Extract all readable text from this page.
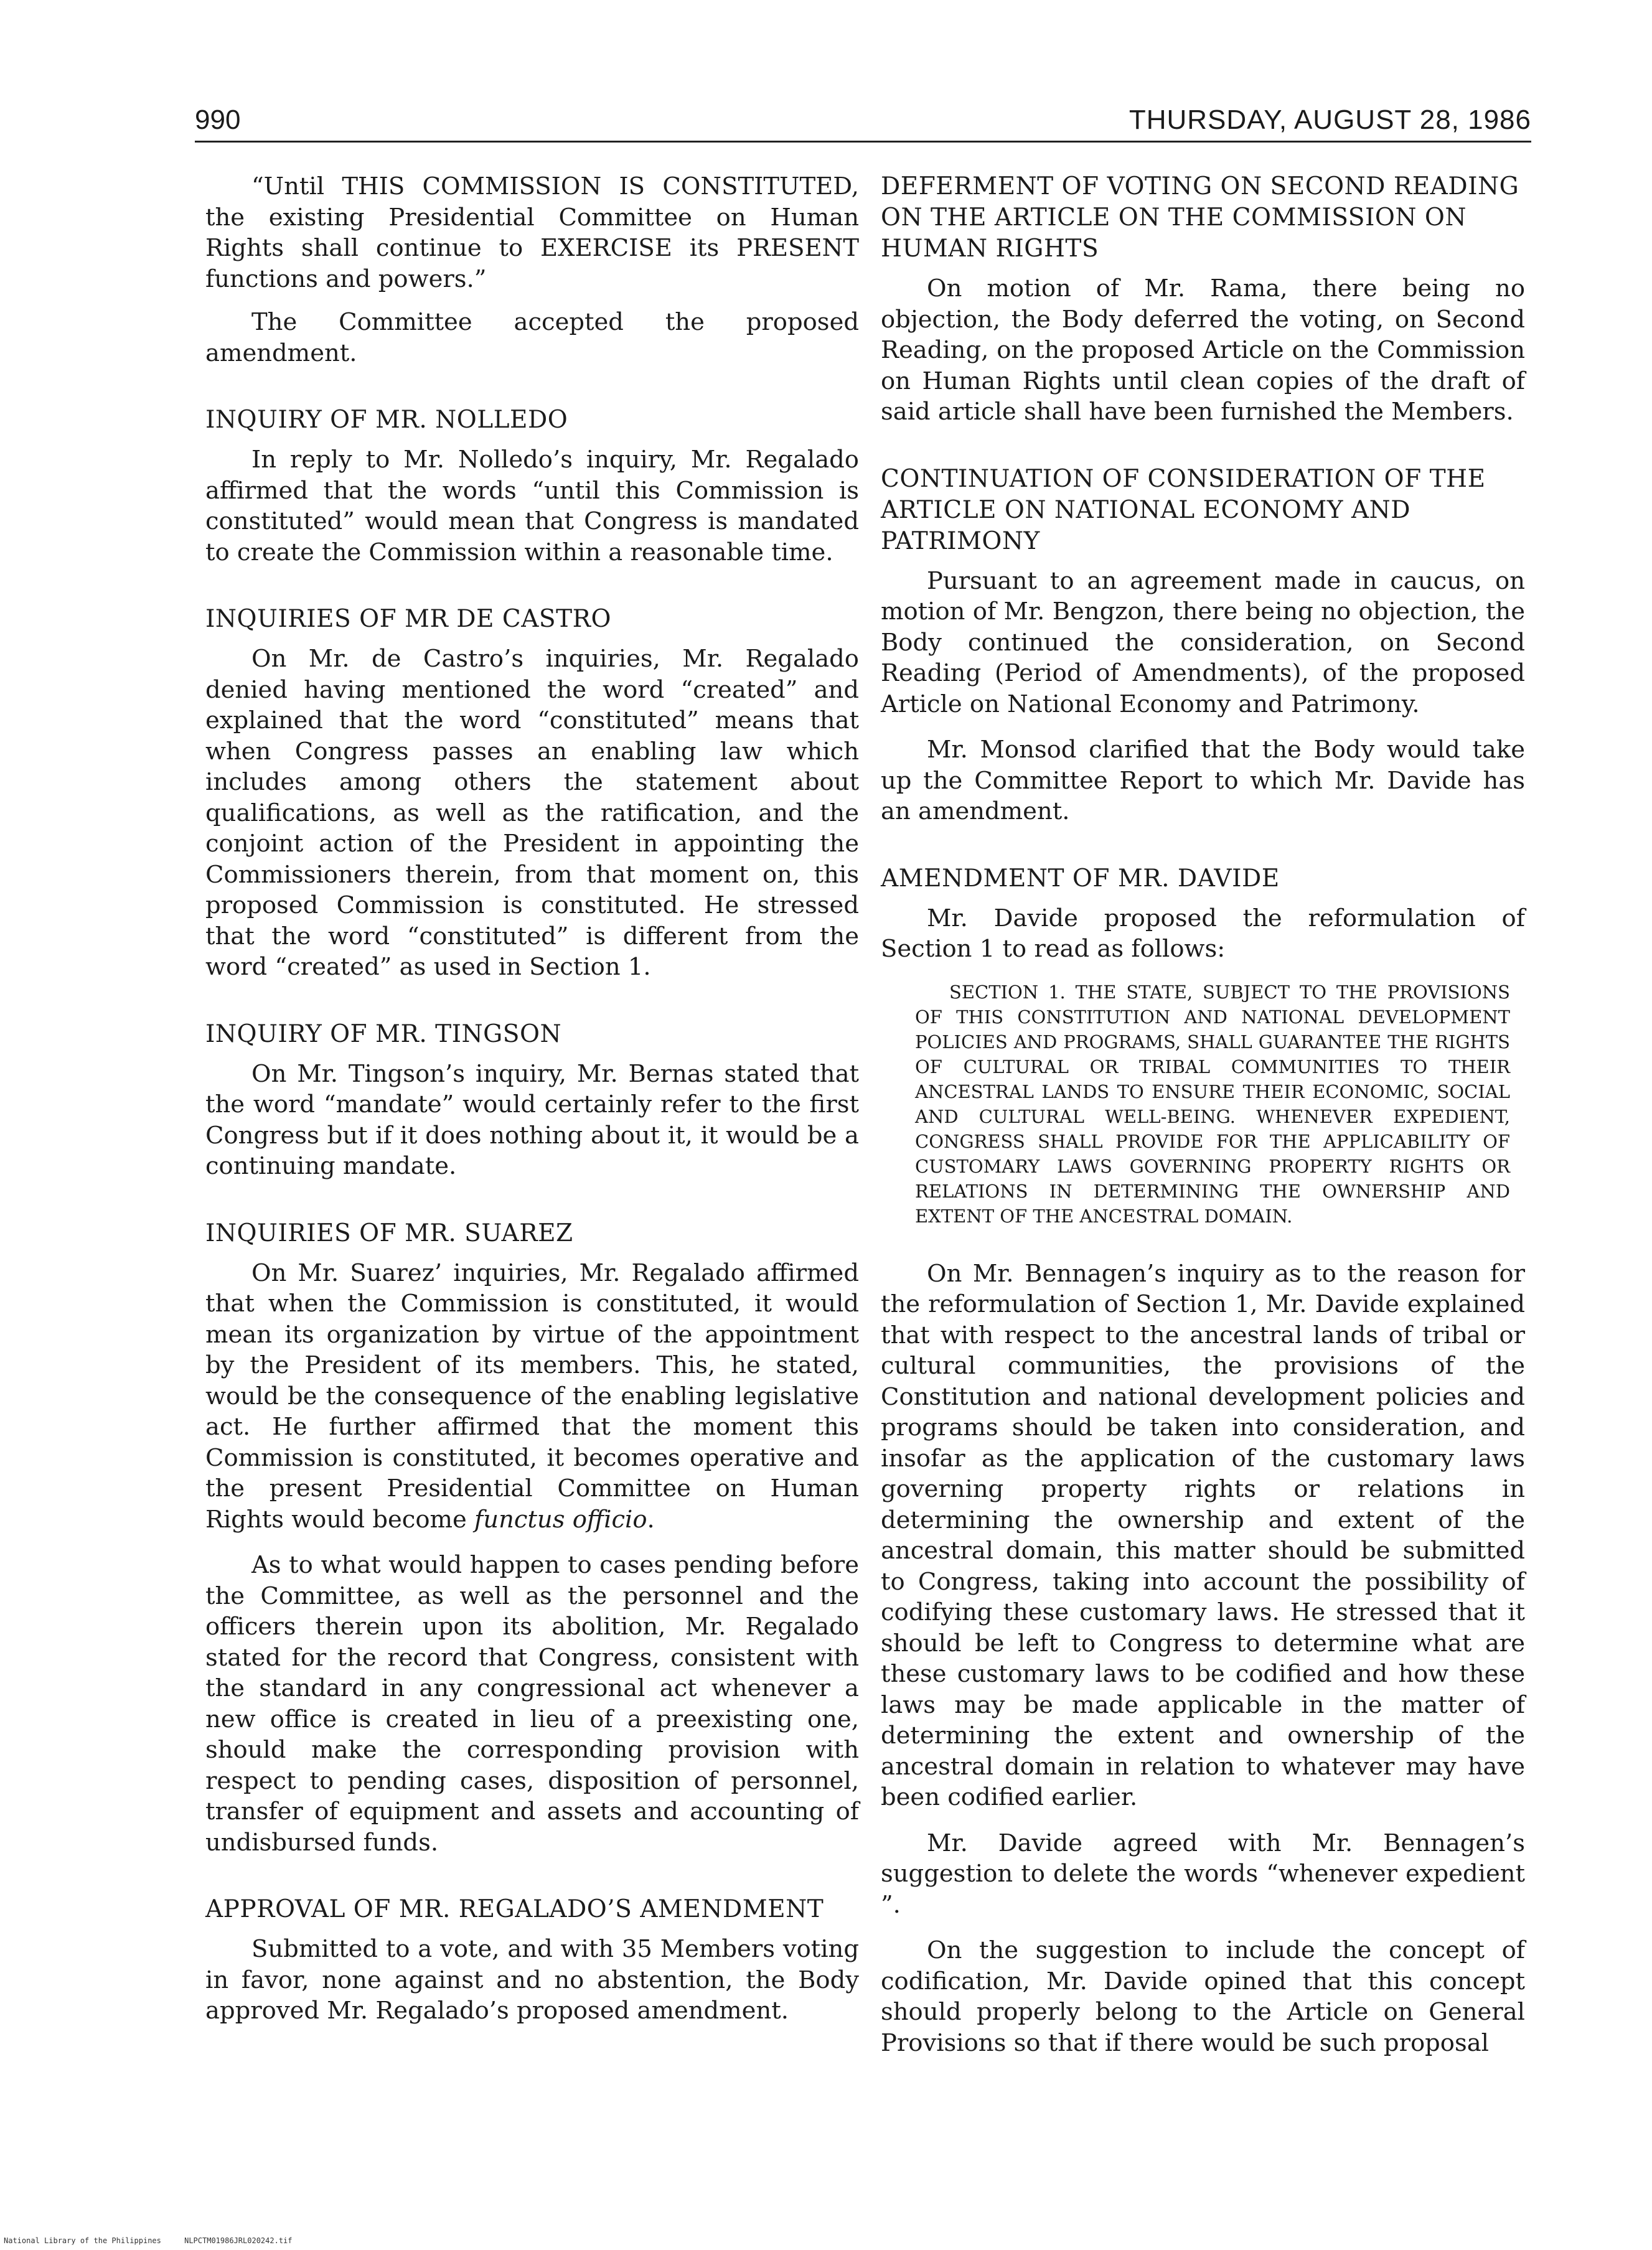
990	THURSDAY, AUGUST 28, 1986

“Until THIS COMMISSION IS CONSTITUTED, the existing Presidential Committee on Human Rights shall continue to EXERCISE its PRESENT functions and powers.”

The Committee accepted the proposed amendment.

INQUIRY OF MR. NOLLEDO

In reply to Mr. Nolledo’s inquiry, Mr. Regalado affirmed that the words “until this Commission is constituted” would mean that Congress is mandated to create the Commission within a reasonable time.

INQUIRIES OF MR DE CASTRO

On Mr. de Castro’s inquiries, Mr. Regalado denied having mentioned the word “created” and explained that the word “constituted” means that when Congress passes an enabling law which includes among others the statement about qualifications, as well as the ratification, and the conjoint action of the President in appointing the Commissioners therein, from that moment on, this proposed Commission is constituted. He stressed that the word “constituted” is different from the word “created” as used in Section 1.

INQUIRY OF MR. TINGSON

On Mr. Tingson’s inquiry, Mr. Bernas stated that the word “mandate” would certainly refer to the first Congress but if it does nothing about it, it would be a continuing mandate.

INQUIRIES OF MR. SUAREZ

On Mr. Suarez’ inquiries, Mr. Regalado affirmed that when the Commission is constituted, it would mean its organization by virtue of the appointment by the President of its members. This, he stated, would be the consequence of the enabling legislative act. He further affirmed that the moment this Commission is constituted, it becomes operative and the present Presidential Committee on Human Rights would become functus officio.

As to what would happen to cases pending before the Committee, as well as the personnel and the officers therein upon its abolition, Mr. Regalado stated for the record that Congress, consistent with the standard in any congressional act whenever a new office is created in lieu of a preexisting one, should make the corresponding provision with respect to pending cases, disposition of personnel, transfer of equipment and assets and accounting of undisbursed funds.

APPROVAL OF MR. REGALADO’S AMENDMENT

Submitted to a vote, and with 35 Members voting in favor, none against and no abstention, the Body approved Mr. Regalado’s proposed amendment.

DEFERMENT OF VOTING ON SECOND READING ON THE ARTICLE ON THE COMMISSION ON HUMAN RIGHTS

On motion of Mr. Rama, there being no objection, the Body deferred the voting, on Second Reading, on the proposed Article on the Commission on Human Rights until clean copies of the draft of said article shall have been furnished the Members.

CONTINUATION OF CONSIDERATION OF THE ARTICLE ON NATIONAL ECONOMY AND PATRIMONY

Pursuant to an agreement made in caucus, on motion of Mr. Bengzon, there being no objection, the Body continued the consideration, on Second Reading (Period of Amendments), of the proposed Article on National Economy and Patrimony.

Mr. Monsod clarified that the Body would take up the Committee Report to which Mr. Davide has an amendment.

AMENDMENT OF MR. DAVIDE

Mr. Davide proposed the reformulation of Section 1 to read as follows:

SECTION 1. THE STATE, SUBJECT TO THE PROVISIONS OF THIS CONSTITUTION AND NATIONAL DEVELOPMENT POLICIES AND PROGRAMS, SHALL GUARANTEE THE RIGHTS OF CULTURAL OR TRIBAL COMMUNITIES TO THEIR ANCESTRAL LANDS TO ENSURE THEIR ECONOMIC, SOCIAL AND CULTURAL WELL-BEING. WHENEVER EXPEDIENT, CONGRESS SHALL PROVIDE FOR THE APPLICABILITY OF CUSTOMARY LAWS GOVERNING PROPERTY RIGHTS OR RELATIONS IN DETERMINING THE OWNERSHIP AND EXTENT OF THE ANCESTRAL DOMAIN.

On Mr. Bennagen’s inquiry as to the reason for the reformulation of Section 1, Mr. Davide explained that with respect to the ancestral lands of tribal or cultural communities, the provisions of the Constitution and national development policies and programs should be taken into consideration, and insofar as the application of the customary laws governing property rights or relations in determining the ownership and extent of the ancestral domain, this matter should be submitted to Congress, taking into account the possibility of codifying these customary laws. He stressed that it should be left to Congress to determine what are these customary laws to be codified and how these laws may be made applicable in the matter of determining the extent and ownership of the ancestral domain in relation to whatever may have been codified earlier.

Mr. Davide agreed with Mr. Bennagen’s suggestion to delete the words “whenever expedient ”.

On the suggestion to include the concept of codification, Mr. Davide opined that this concept should properly belong to the Article on General Provisions so that if there would be such proposal

National Library of the Philippines	NLPCTM01986JRL020242.tif
